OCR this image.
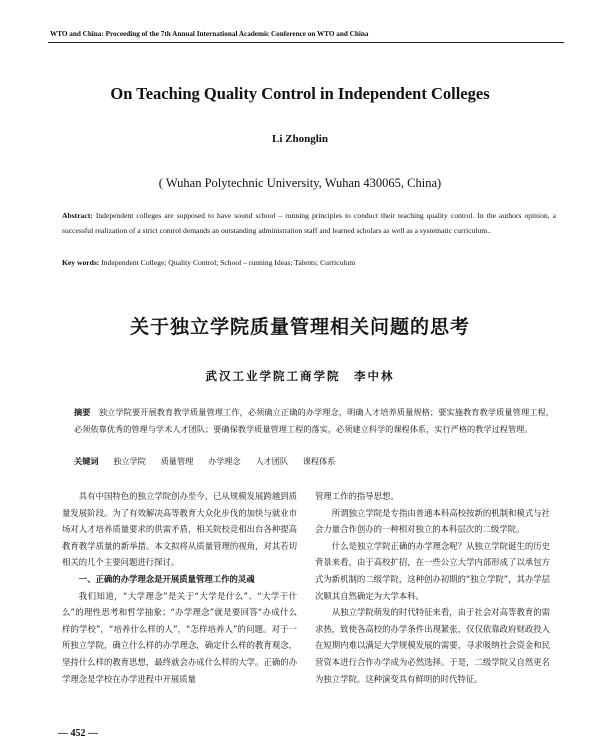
WTO and China: Proceeding of the 7th Annual International Academic Conference on WTO and China
On Teaching Quality Control in Independent Colleges
Li Zhonglin
( Wuhan Polytechnic University, Wuhan 430065, China)
Abstract: Independent colleges are supposed to have sound school – running principles to conduct their teaching quality control. In the authors opinion, a successful realization of a strict control demands an outstanding administration staff and learned scholars as well as a systematic curriculum..
Key words: Independent College; Quality Control; School – running Ideas; Talents; Curriculum
关于独立学院质量管理相关问题的思考
武汉工业学院工商学院　李中林
摘要　独立学院要开展教育教学质量管理工作，必须确立正确的办学理念，明确人才培养质量规格；要实施教育教学质量管理工程，必须依靠优秀的管理与学术人才团队；要确保教学质量管理工程的落实，必须建立科学的课程体系，实行严格的教学过程管理。
关键词 独立学院 质量管理 办学理念 人才团队 课程体系

具有中国特色的独立学院创办至今，已从规模发展跨越到质量发展阶段。为了有效解决高等教育大众化步伐的加快与就业市场对人才培养质量要求的供需矛盾，相关院校竞相出台各种提高教育教学质量的新举措。本文拟将从质量管理的视角，对其若切相关的几个主要问题进行探讨。

一、正确的办学理念是开展质量管理工作的灵魂

我们知道，“大学理念”是关于“大学是什么”、“大学干什么”的理性思考和哲学抽象；“办学理念”就是要回答“办成什么样的学校”，“培养什么样的人”，“怎样培养人”的问题。对于一所独立学院，确立什么样的办学理念，确定什么样的教育观念，坚持什么样的教育思想，最终就会办成什么样的大学。正确的办学理念是学校在办学进程中开展质量

管理工作的指导思想。

所谓独立学院是专指由普通本科高校按新的机制和模式与社会力量合作创办的一种相对独立的本科层次的二级学院。

什么是独立学院正确的办学理念呢？从独立学院诞生的历史背景来看，由于高校扩招，在一些公立大学内部形成了以承包方式为新机制的二级学院，这种创办初期的“独立学院”，其办学层次顺其自然确定为大学本科。

从独立学院萌发的时代特征来看，由于社会对高等教育的需求热，致使各高校的办学条件出现紧张，仅仅依靠政府财政投入在短期内难以满足大学规模发展的需要，寻求吸纳社会资金和民营资本进行合作办学成为必然选择。于是，二级学院又自然更名为独立学院。这种演变具有鲜明的时代特征。

— 452 —
